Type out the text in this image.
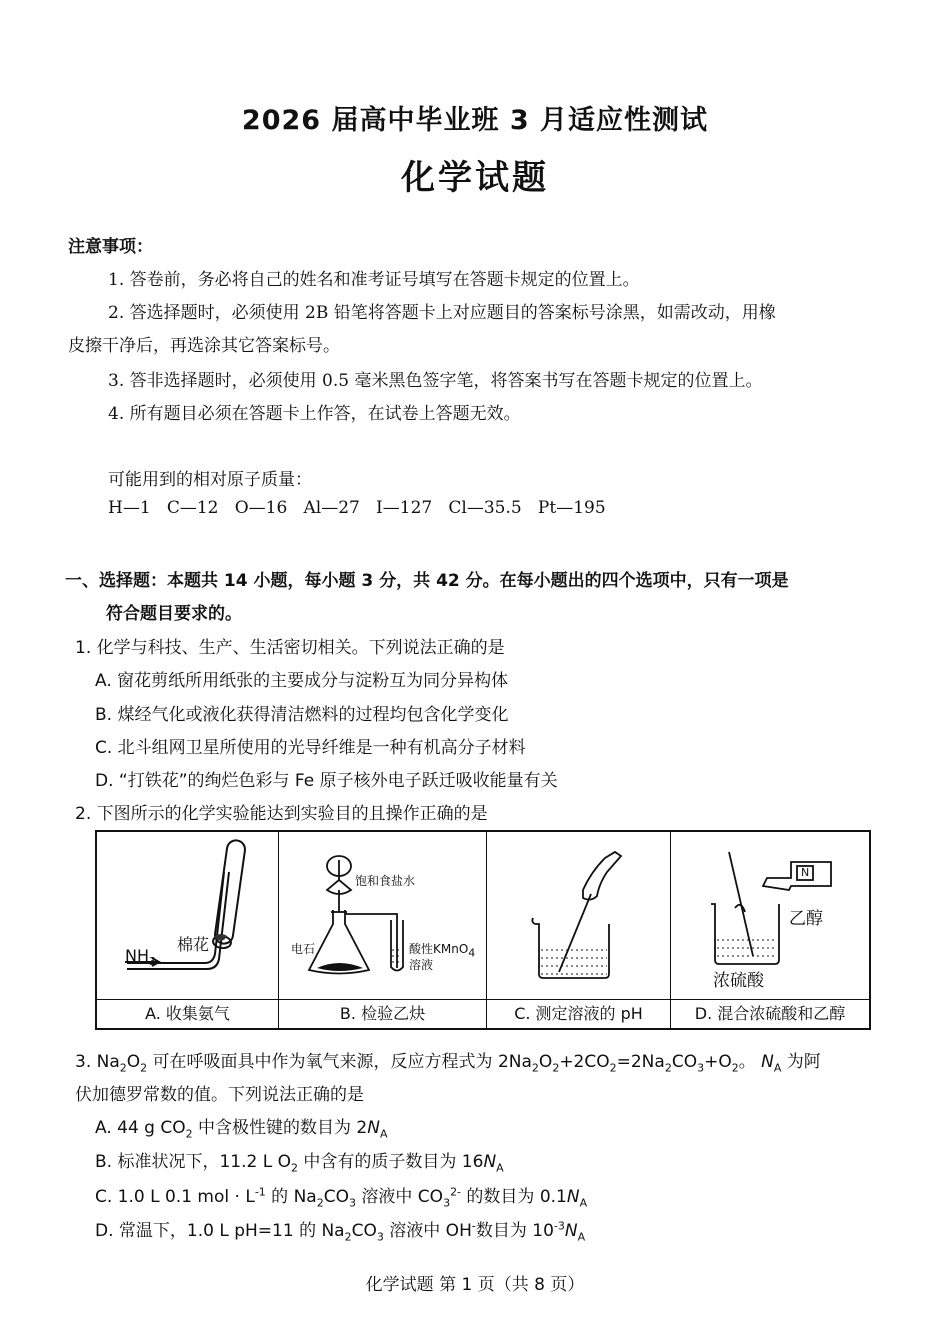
2026 届高中毕业班 3 月适应性测试
化学试题
注意事项：
1. 答卷前，务必将自己的姓名和准考证号填写在答题卡规定的位置上。
2. 答选择题时，必须使用 2B 铅笔将答题卡上对应题目的答案标号涂黑，如需改动，用橡
皮擦干净后，再选涂其它答案标号。
3. 答非选择题时，必须使用 0.5 毫米黑色签字笔，将答案书写在答题卡规定的位置上。
4. 所有题目必须在答题卡上作答，在试卷上答题无效。
可能用到的相对原子质量：
H—1   C—12   O—16   Al—27   I—127   Cl—35.5   Pt—195
一、选择题：本题共 14 小题，每小题 3 分，共 42 分。在每小题出的四个选项中，只有一项是
符合题目要求的。
1. 化学与科技、生产、生活密切相关。下列说法正确的是
A. 窗花剪纸所用纸张的主要成分与淀粉互为同分异构体
B. 煤经气化或液化获得清洁燃料的过程均包含化学变化
C. 北斗组网卫星所使用的光导纤维是一种有机高分子材料
D. “打铁花”的绚烂色彩与 Fe 原子核外电子跃迁吸收能量有关
2. 下图所示的化学实验能达到实验目的且操作正确的是
棉花
$NH_3$
A. 收集氨气
饱和食盐水
电石	酸性KMnO$_4$
溶液
B. 检验乙炔	C. 测定溶液的 pH
N
乙醇
浓硫酸
D. 混合浓硫酸和乙醇
3. $Na_2O_2$ 可在呼吸面具中作为氧气来源，反应方程式为 $2Na_2O_2+2CO_2=2Na_2CO_3+O_2$。 $N_A$ 为阿
伏加德罗常数的值。下列说法正确的是
A. 44 g $CO_2$ 中含极性键的数目为 $2N_A$
B. 标准状况下，11.2 L $O_2$ 中含有的质子数目为 $16N_A$
C. 1.0 L 0.1 mol · $L^{-1}$ 的 $Na_2CO_3$ 溶液中 $CO_3^{2-}$ 的数目为 $0.1N_A$
D. 常温下，1.0 L pH=11 的 $Na_2CO_3$ 溶液中 OH-数目为 $10^{-3}N_A$
化学试题 第 1 页（共 8 页）
